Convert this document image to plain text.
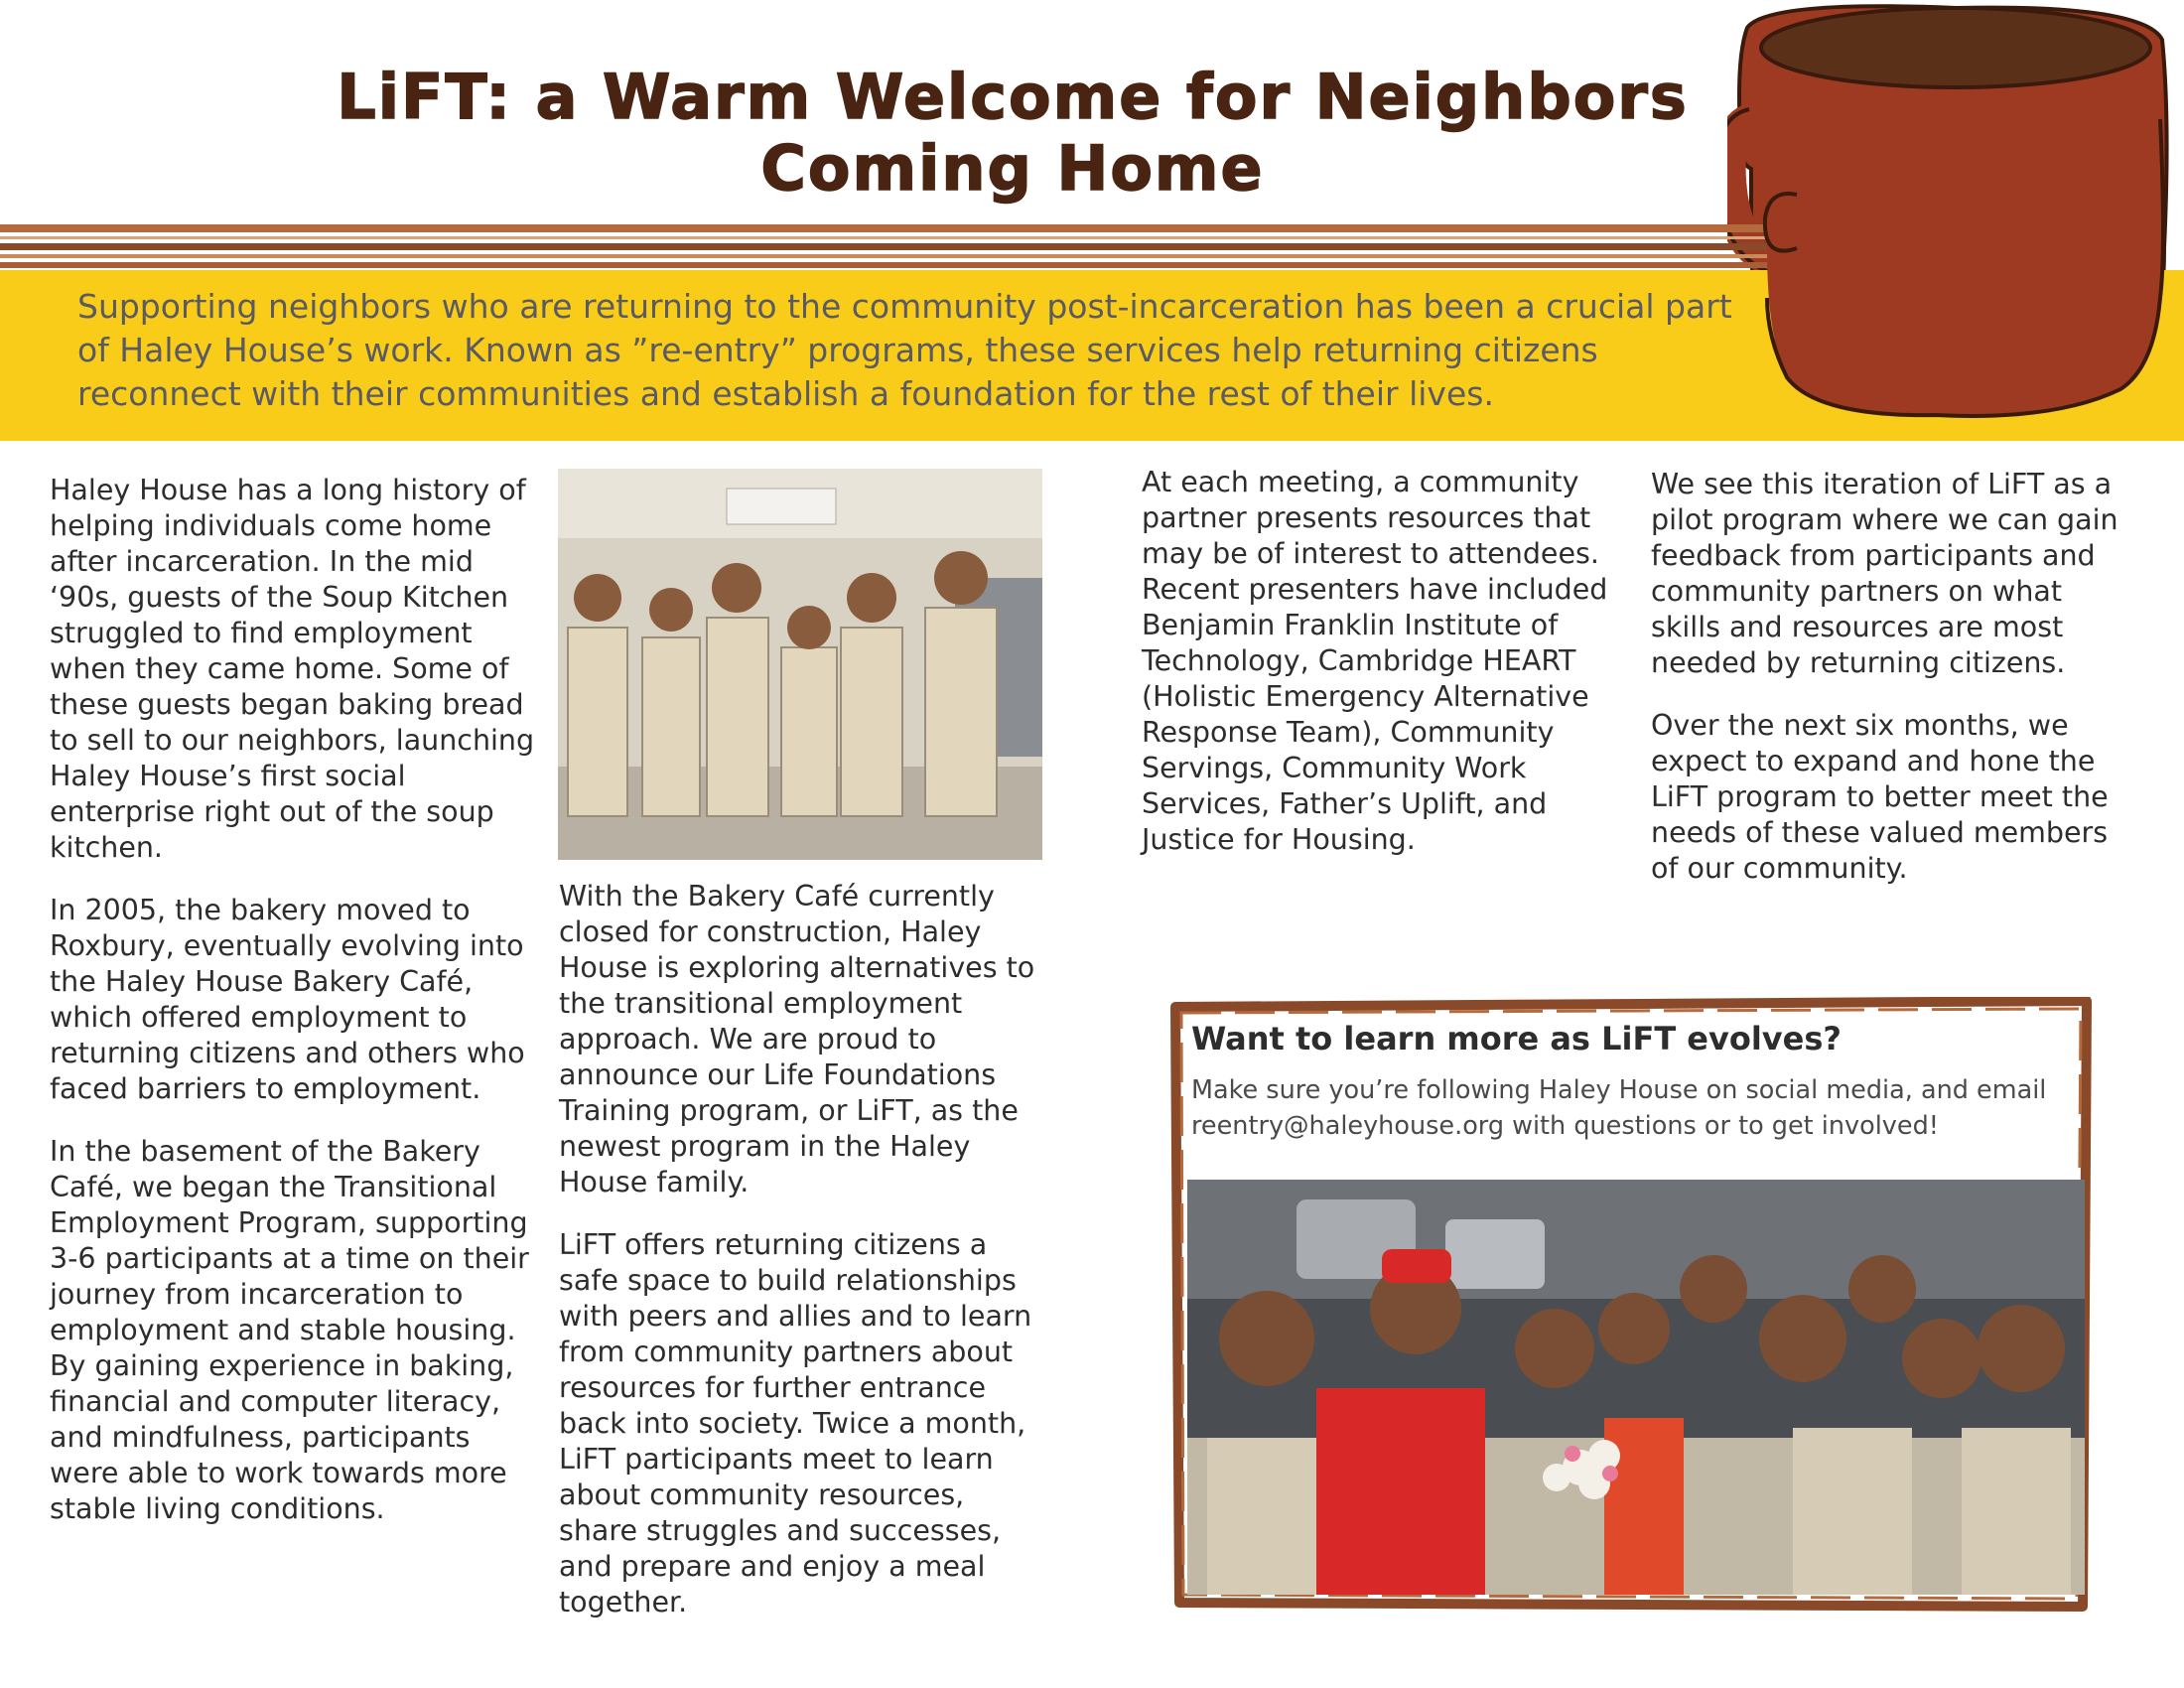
LiFT: a Warm Welcome for Neighbors
Coming Home
Supporting neighbors who are returning to the community post-incarceration has been a crucial part of Haley House’s work. Known as ”re-entry” programs, these services help returning citizens reconnect with their communities and establish a foundation for the rest of their lives.

Haley House has a long history of helping individuals come home after incarceration. In the mid ‘90s, guests of the Soup Kitchen struggled to find employment when they came home. Some of these guests began baking bread to sell to our neighbors, launching Haley House’s first social enterprise right out of the soup kitchen.

In 2005, the bakery moved to Roxbury, eventually evolving into the Haley House Bakery Café, which offered employment to returning citizens and others who faced barriers to employment.

In the basement of the Bakery Café, we began the Transitional Employment Program, supporting 3-6 participants at a time on their journey from incarceration to employment and stable housing. By gaining experience in baking, financial and computer literacy, and mindfulness, participants were able to work towards more stable living conditions.

With the Bakery Café currently closed for construction, Haley House is exploring alternatives to the transitional employment approach. We are proud to announce our Life Foundations Training program, or LiFT, as the newest program in the Haley House family.

LiFT offers returning citizens a safe space to build relationships with peers and allies and to learn from community partners about resources for further entrance back into society. Twice a month, LiFT participants meet to learn about community resources, share struggles and successes, and prepare and enjoy a meal together.

At each meeting, a community partner presents resources that may be of interest to attendees. Recent presenters have included Benjamin Franklin Institute of Technology, Cambridge HEART (Holistic Emergency Alternative Response Team), Community Servings, Community Work Services, Father’s Uplift, and Justice for Housing.

We see this iteration of LiFT as a pilot program where we can gain feedback from participants and community partners on what skills and resources are most needed by returning citizens.

Over the next six months, we expect to expand and hone the LiFT program to better meet the needs of these valued members of our community.

Want to learn more as LiFT evolves?
Make sure you’re following Haley House on social media, and email reentry@haleyhouse.org with questions or to get involved!
